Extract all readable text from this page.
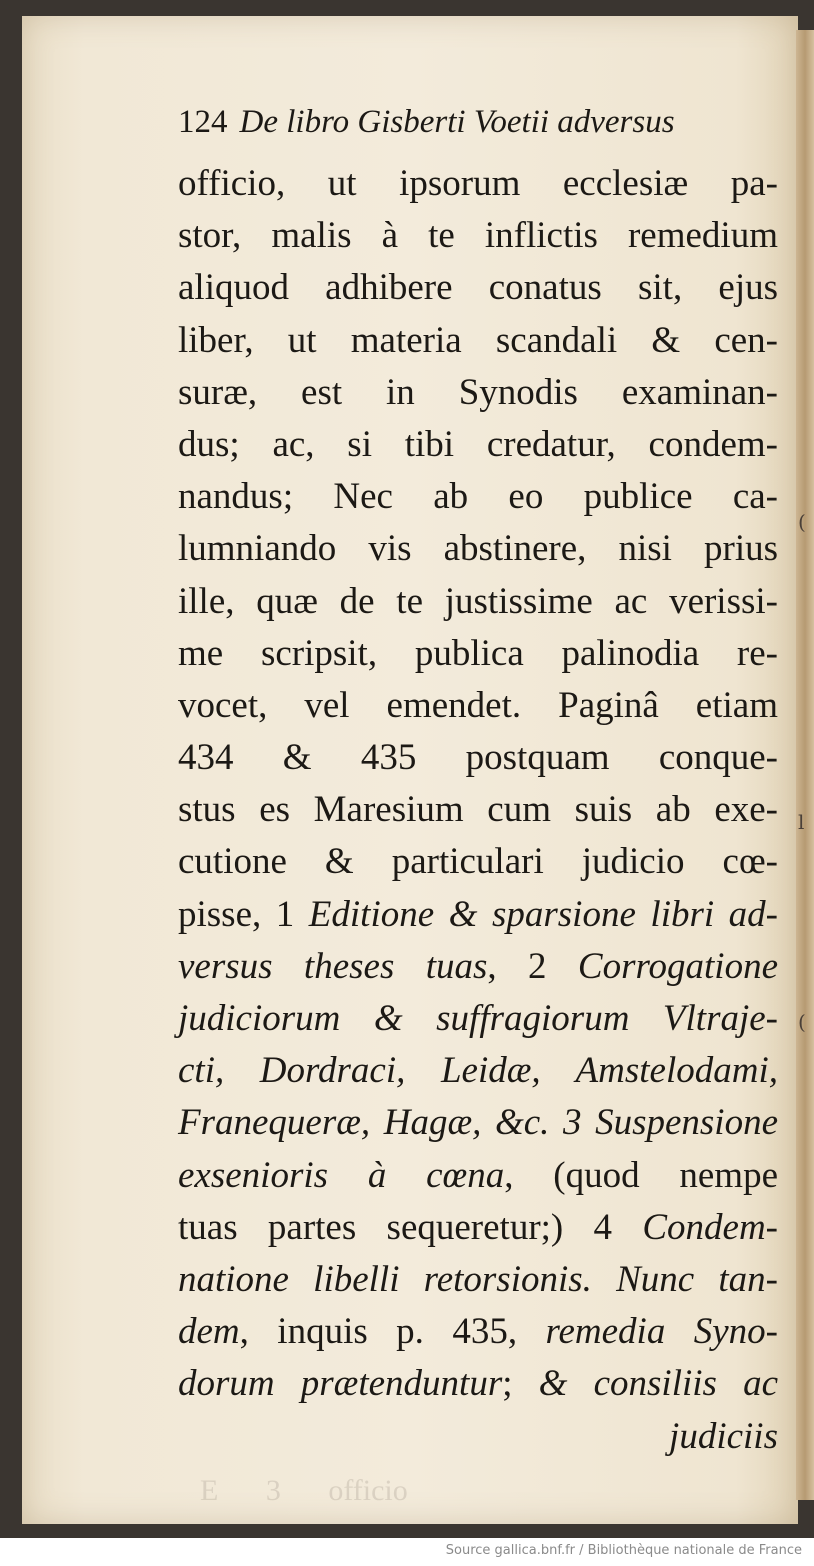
(
l
(
124 De libro Gisberti Voetii adversus
officio, ut ipsorum ecclesiæ pa-
stor, malis à te inflictis remedium
aliquod adhibere conatus sit, ejus
liber, ut materia scandali & cen-
suræ, est in Synodis examinan-
dus; ac, si tibi credatur, condem-
nandus; Nec ab eo publice ca-
lumniando vis abstinere, nisi prius
ille, quæ de te justissime ac verissi-
me scripsit, publica palinodia re-
vocet, vel emendet. Paginâ etiam
434 & 435 postquam conque-
stus es Maresium cum suis ab exe-
cutione & particulari judicio cœ-
pisse, 1 Editione & sparsione libri ad-
versus theses tuas, 2 Corrogatione
judiciorum & suffragiorum Vltraje-
cti, Dordraci, Leidæ, Amstelodami,
Franequeræ, Hagæ, &c. 3 Suspensione
exsenioris à cœna, (quod nempe
tuas partes sequeretur;) 4 Condem-
natione libelli retorsionis. Nunc tan-
dem, inquis p. 435, remedia Syno-
dorum prætenduntur; & consiliis ac
judiciis
E 3 officio
Source gallica.bnf.fr / Bibliothèque nationale de France
